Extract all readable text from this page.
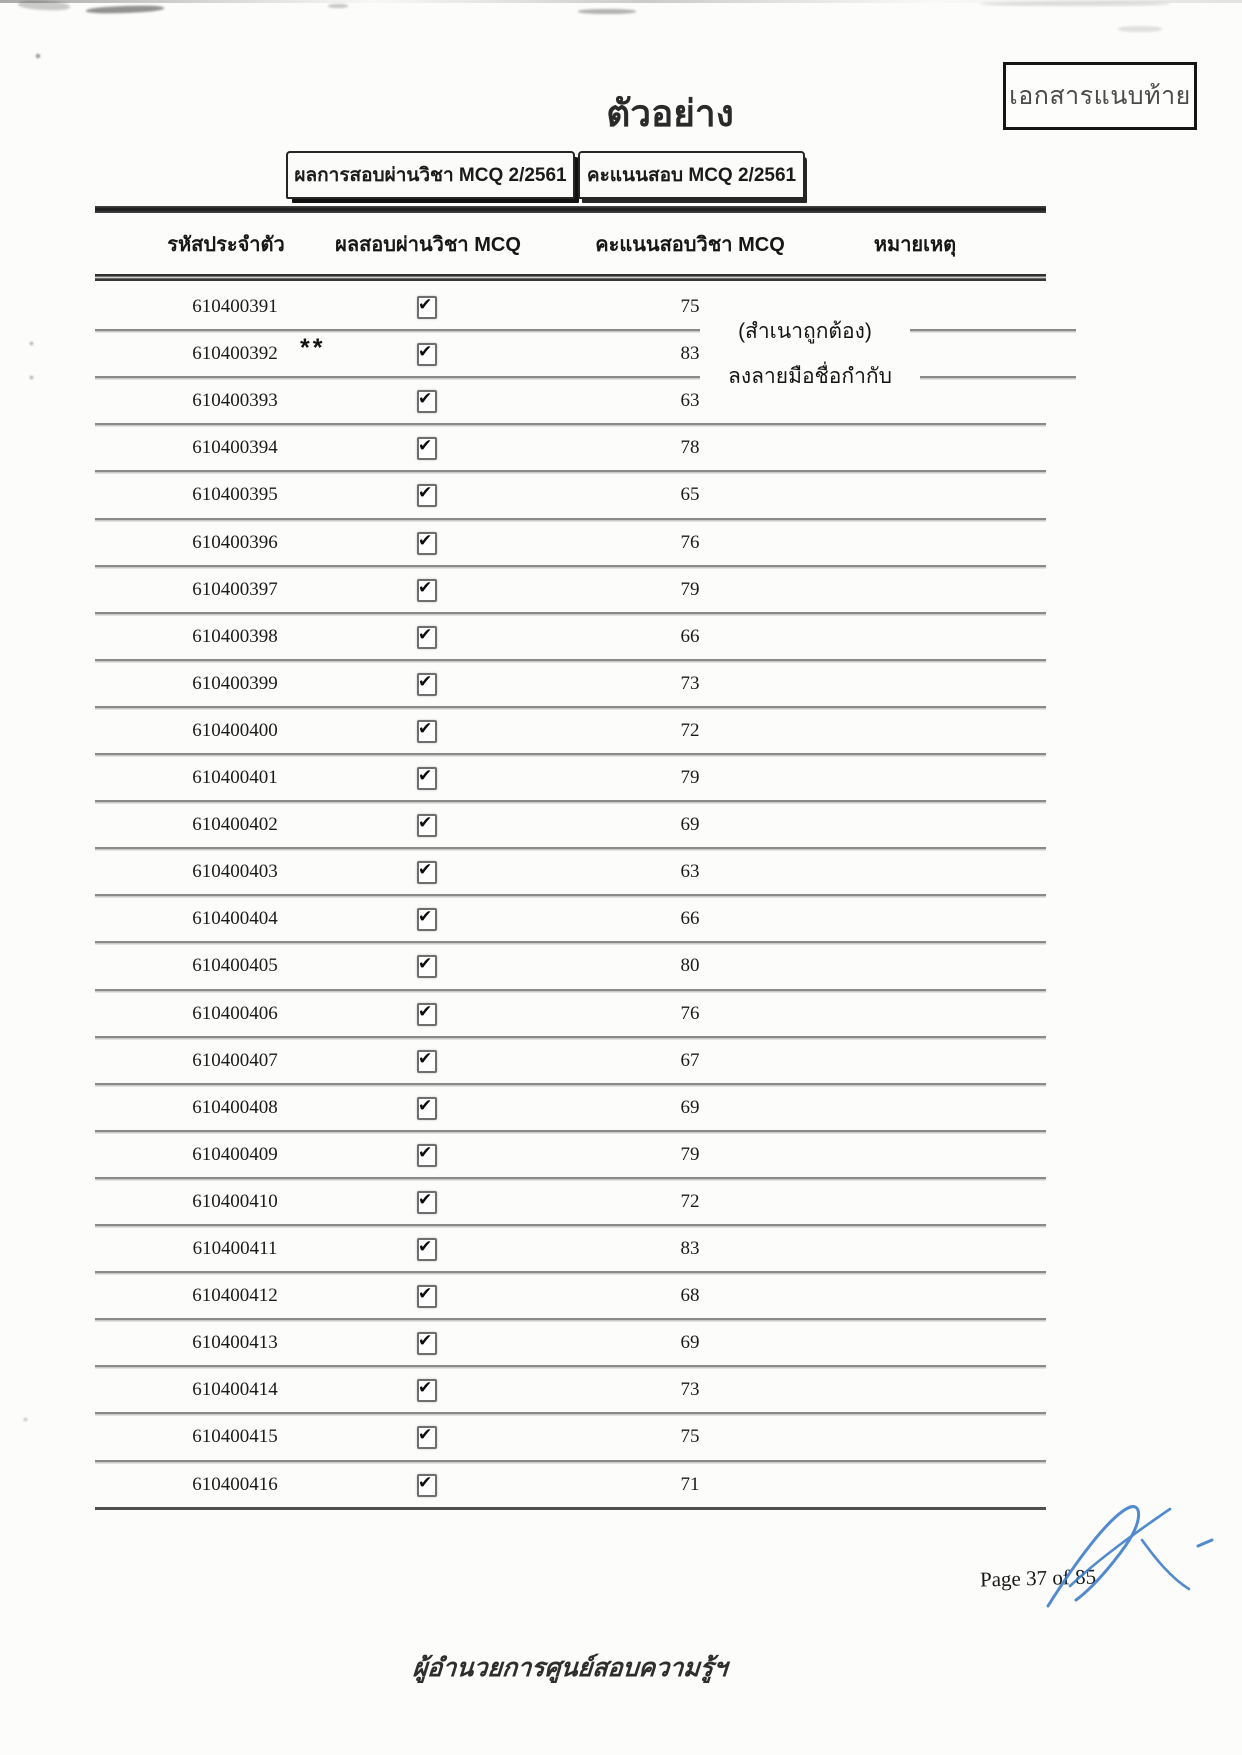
เอกสารแนบท้าย
ตัวอย่าง
ผลการสอบผ่านวิชา MCQ 2/2561	คะแนนสอบ MCQ 2/2561
รหัสประจำตัว	ผลสอบผ่านวิชา MCQ	คะแนนสอบวิชา MCQ	หมายเหตุ
610400391	✔	75
610400392 **	✔	83
610400393	✔	63
610400394	✔	78
610400395	✔	65
610400396	✔	76
610400397	✔	79
610400398	✔	66
610400399	✔	73
610400400	✔	72
610400401	✔	79
610400402	✔	69
610400403	✔	63
610400404	✔	66
610400405	✔	80
610400406	✔	76
610400407	✔	67
610400408	✔	69
610400409	✔	79
610400410	✔	72
610400411	✔	83
610400412	✔	68
610400413	✔	69
610400414	✔	73
610400415	✔	75
610400416	✔	71
(สำเนาถูกต้อง)
ลงลายมือชื่อกำกับ
Page 37 of 85
ผู้อำนวยการศูนย์สอบความรู้ฯ
